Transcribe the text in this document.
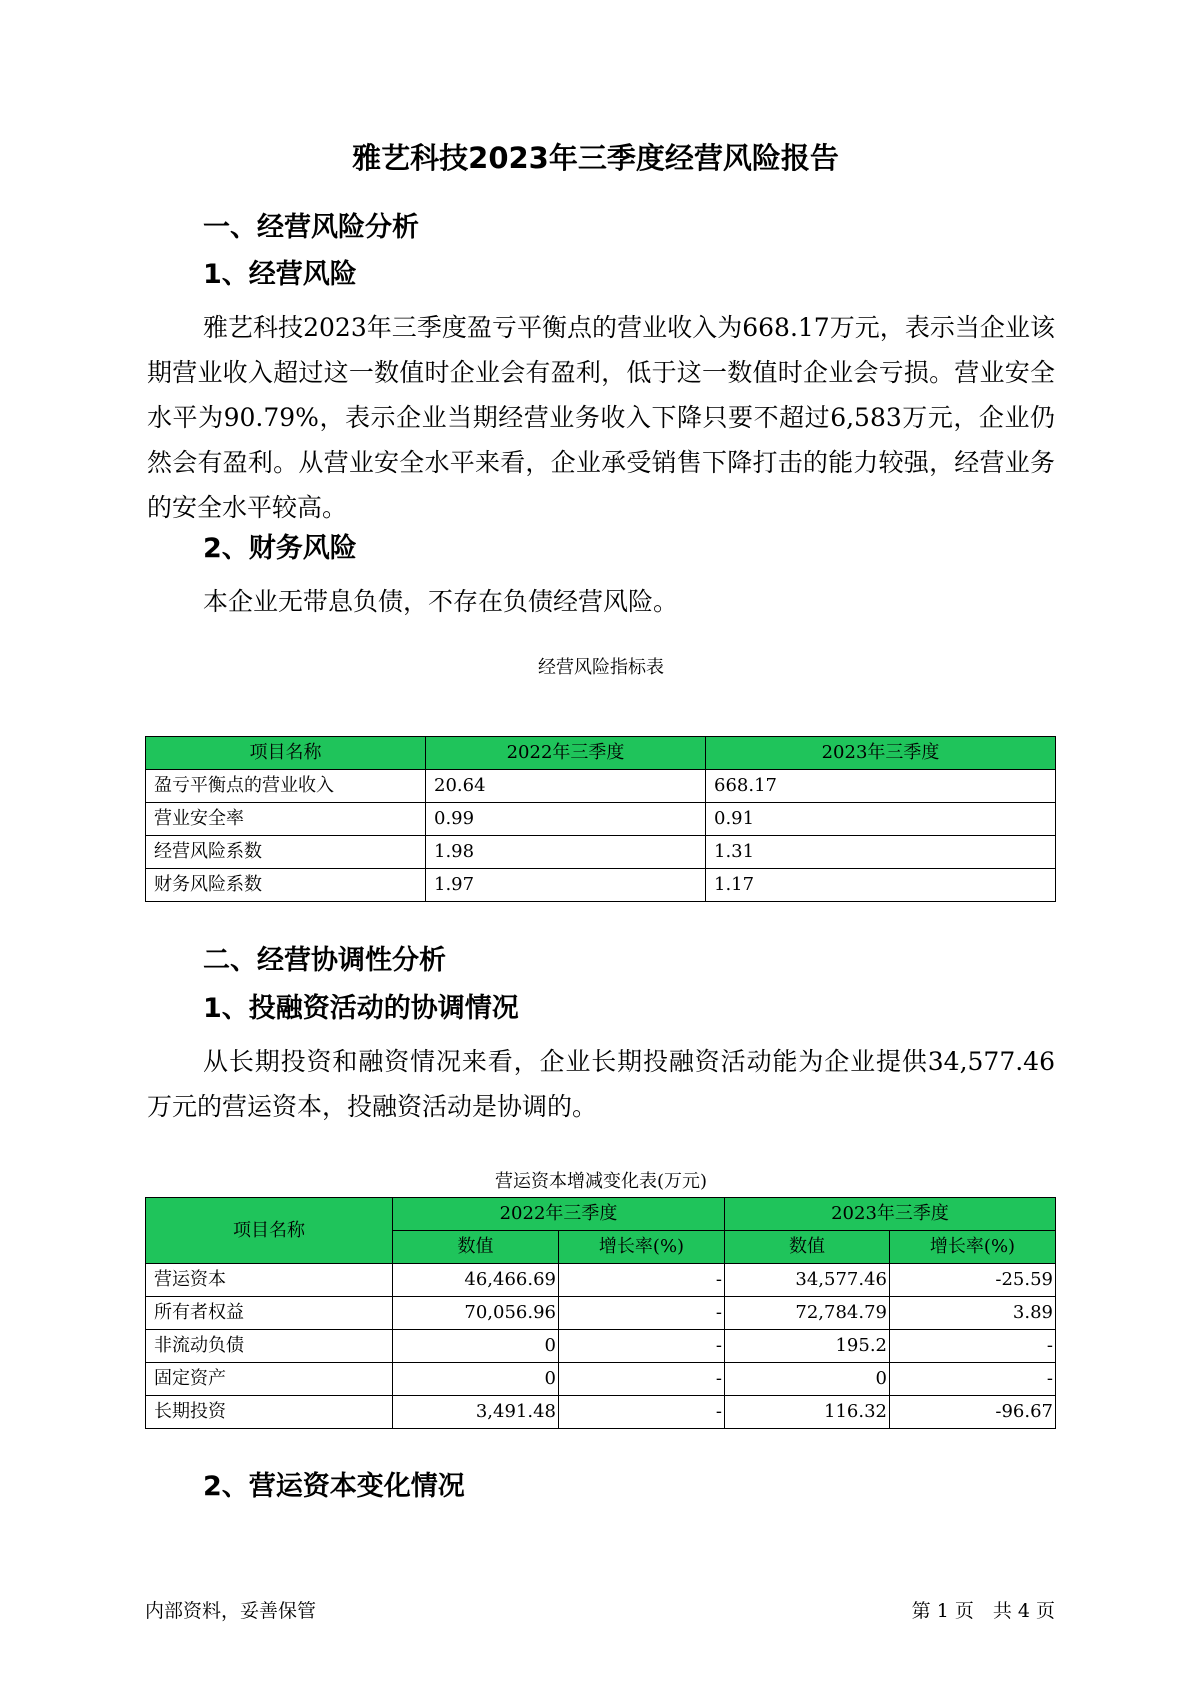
雅艺科技2023年三季度经营风险报告
一、经营风险分析
1、经营风险

雅艺科技2023年三季度盈亏平衡点的营业收入为668.17万元，表示当企业该期营业收入超过这一数值时企业会有盈利，低于这一数值时企业会亏损。营业安全水平为90.79%，表示企业当期经营业务收入下降只要不超过6,583万元，企业仍然会有盈利。从营业安全水平来看，企业承受销售下降打击的能力较强，经营业务的安全水平较高。

2、财务风险

本企业无带息负债，不存在负债经营风险。

经营风险指标表
项目名称	2022年三季度	2023年三季度
盈亏平衡点的营业收入	20.64	668.17
营业安全率	0.99	0.91
经营风险系数	1.98	1.31
财务风险系数	1.97	1.17
二、经营协调性分析
1、投融资活动的协调情况

从长期投资和融资情况来看，企业长期投融资活动能为企业提供34,577.46万元的营运资本，投融资活动是协调的。

营运资本增减变化表(万元)
项目名称	2022年三季度		2023年三季度	
	数值	增长率(%)	数值	增长率(%)
营运资本	46,466.69	-	34,577.46	-25.59
所有者权益	70,056.96	-	72,784.79	3.89
非流动负债	0	-	195.2	-
固定资产	0	-	0	-
长期投资	3,491.48	-	116.32	-96.67
2、营运资本变化情况
内部资料，妥善保管	第 1 页　共 4 页
